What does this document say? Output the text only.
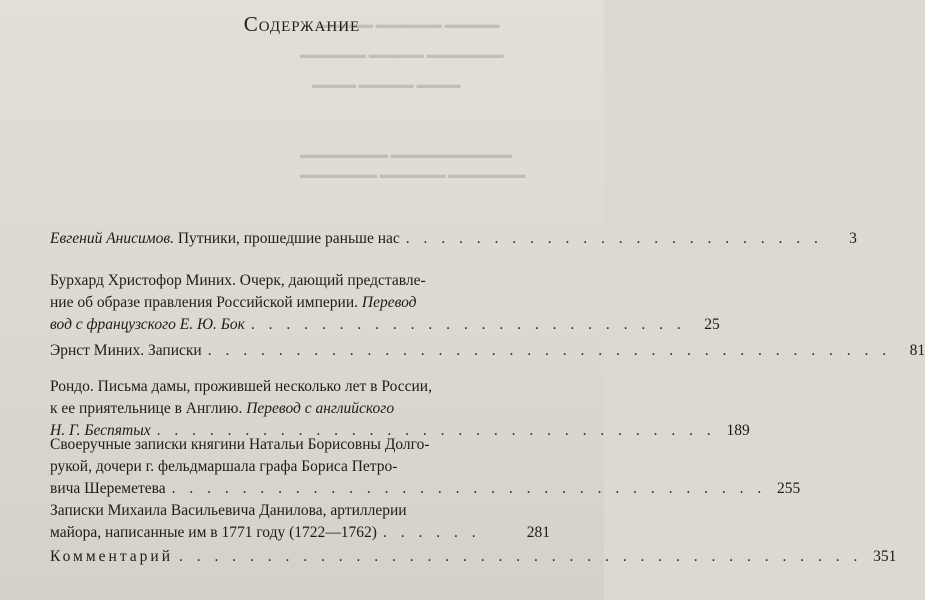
▬▬▬▬▬ ▬▬▬▬▬▬ ▬▬▬▬▬
▬▬▬▬▬▬ ▬▬▬▬▬ ▬▬▬▬▬▬▬
▬▬▬▬ ▬▬▬▬▬ ▬▬▬▬
▬▬▬▬▬▬▬▬ ▬▬▬▬▬▬▬▬▬▬▬
▬▬▬▬▬▬▬ ▬▬▬▬▬▬ ▬▬▬▬▬▬▬
Содержание
Евгений Анисимов.
Путники, прошедшие раньше нас . . . . . . . . . . . . . . . . . . . . . . . .	3
Бурхард Христофор Миних. Очерк, дающий представле-
ние об образе правления Российской империи.
Перевод
вод с французского Е. Ю. Бок . . . . . . . . . . . . . . . . . . . . . . . . .	25
Эрнст Миних. Записки . . . . . . . . . . . . . . . . . . . . . . . . . . . . . . . . . . . . . . .	81
Рондо. Письма дамы, прожившей несколько лет в России,
к ее приятельнице в Англию.
Перевод с английского
Н. Г. Беспятых . . . . . . . . . . . . . . . . . . . . . . . . . . . . . . . . 189
Своеручные записки княгини Натальи Борисовны Долго-
рукой, дочери г. фельдмаршала графа Бориса Петро-
вича Шереметева . . . . . . . . . . . . . . . . . . . . . . . . . . . . . . . . . . 255
Записки Михаила Васильевича Данилова, артиллерии
майора, написанные им в 1771 году (1722—1762) . . . . . .	281
Комментарий . . . . . . . . . . . . . . . . . . . . . . . . . . . . . . . . . . . . . . . 351
